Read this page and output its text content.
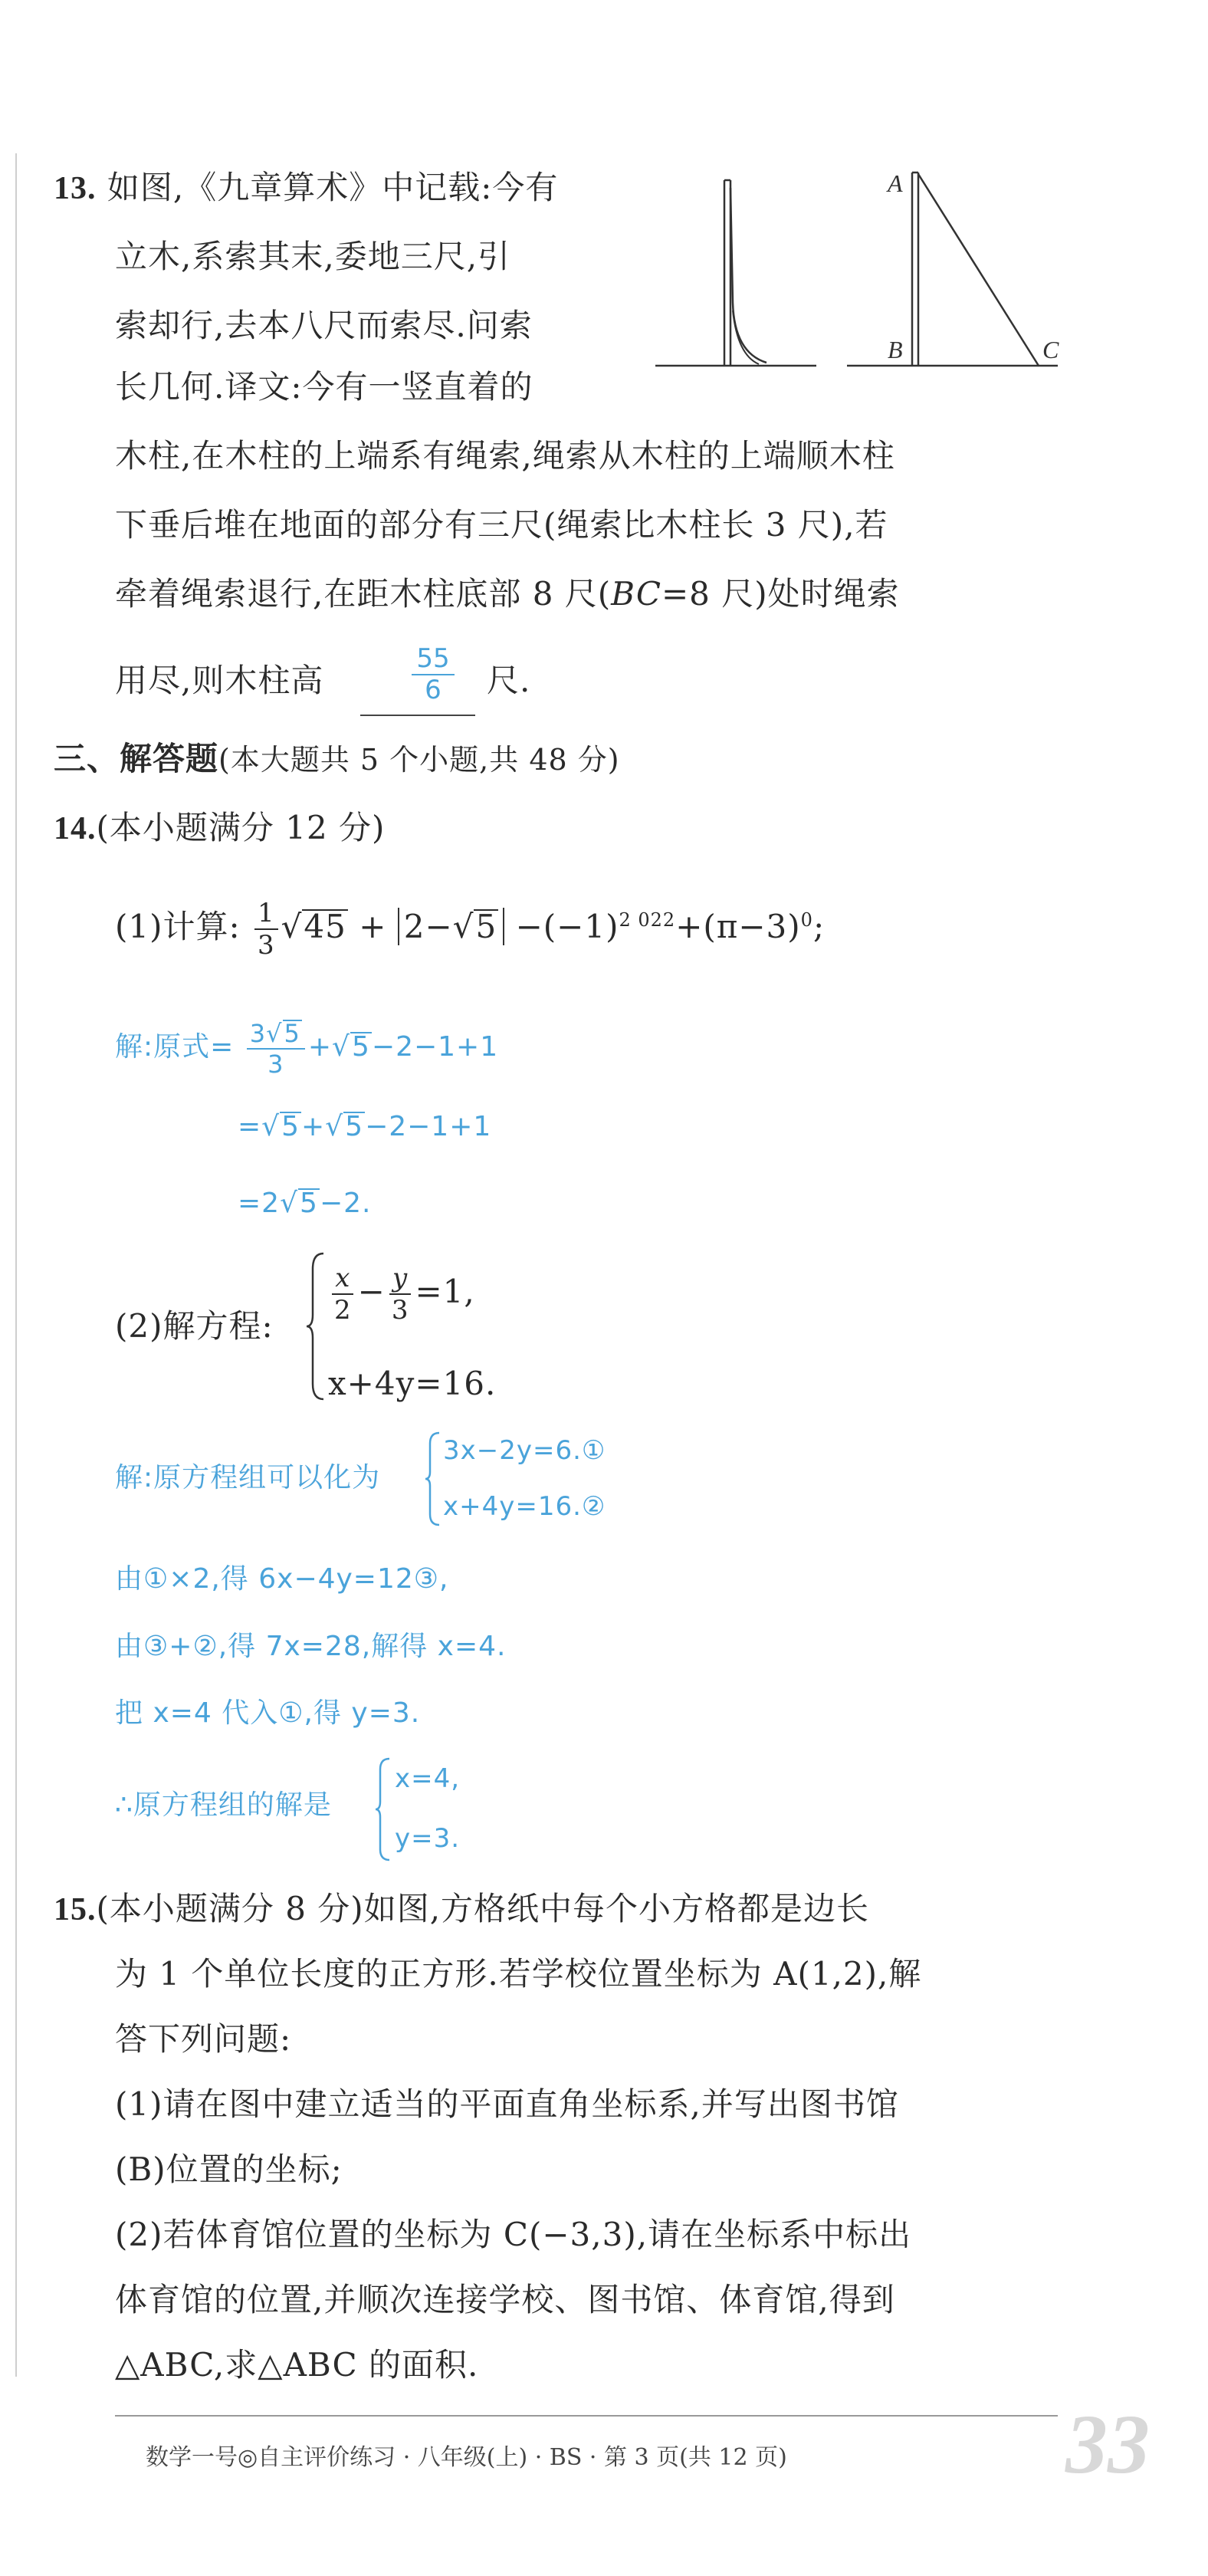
13. 如图,《九章算术》中记载:今有
立木,系索其末,委地三尺,引
索却行,去本八尺而索尽.问索
长几何.译文:今有一竖直着的
A
B	C
木柱,在木柱的上端系有绳索,绳索从木柱的上端顺木柱
下垂后堆在地面的部分有三尺(绳索比木柱长 3 尺),若
牵着绳索退行,在距木柱底部 8 尺(BC=8 尺)处时绳索
用尽,则木柱高	$\frac{55}{6}$ 尺.
三、解答题(本大题共 5 个小题,共 48 分)
14.(本小题满分 12 分)
(1)计算: $\frac{1}{3} √45 + 2-√5 -(-1)^{2 022}+(\pi-3)^0$;
解:原式= $\frac{3√5}{3} +√5-2-1+1$
=√5+√5−2−1+1
=2√5−2.
(2)解方程:
$\frac{x}{2} - \frac{y}{3} =1$,
x+4y=16.
解:原方程组可以化为
3x−2y=6.①
x+4y=16.②
由①×2,得 6x−4y=12③,
由③+②,得 7x=28,解得 x=4.
把 x=4 代入①,得 y=3.
∴原方程组的解是
x=4,
y=3.
15.(本小题满分 8 分)如图,方格纸中每个小方格都是边长
为 1 个单位长度的正方形.若学校位置坐标为 A(1,2),解
答下列问题:
(1)请在图中建立适当的平面直角坐标系,并写出图书馆
(B)位置的坐标;
(2)若体育馆位置的坐标为 C(−3,3),请在坐标系中标出
体育馆的位置,并顺次连接学校、图书馆、体育馆,得到
△ABC,求△ABC 的面积.
数学一号◎自主评价练习 · 八年级(上) · BS · 第 3 页(共 12 页)	33
